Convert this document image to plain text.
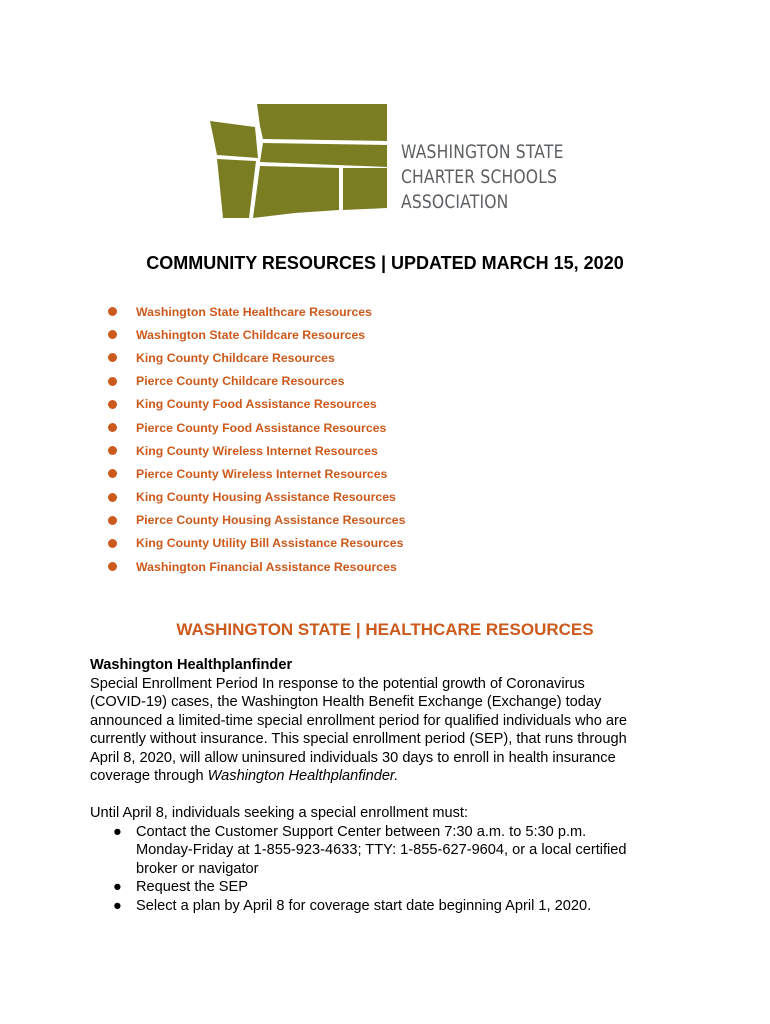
WASHINGTON STATE
CHARTER SCHOOLS
ASSOCIATION
COMMUNITY RESOURCES | UPDATED MARCH 15, 2020
Washington State Healthcare Resources
Washington State Childcare Resources
King County Childcare Resources
Pierce County Childcare Resources
King County Food Assistance Resources
Pierce County Food Assistance Resources
King County Wireless Internet Resources
Pierce County Wireless Internet Resources
King County Housing Assistance Resources
Pierce County Housing Assistance Resources
King County Utility Bill Assistance Resources
Washington Financial Assistance Resources
WASHINGTON STATE | HEALTHCARE RESOURCES
Washington Healthplanfinder
Special Enrollment Period In response to the potential growth of Coronavirus
(COVID-19) cases, the Washington Health Benefit Exchange (Exchange) today
announced a limited-time special enrollment period for qualified individuals who are
currently without insurance. This special enrollment period (SEP), that runs through
April 8, 2020, will allow uninsured individuals 30 days to enroll in health insurance
coverage through Washington Healthplanfinder.
Until April 8, individuals seeking a special enrollment must:
● Contact the Customer Support Center between 7:30 a.m. to 5:30 p.m.
Monday-Friday at 1-855-923-4633; TTY: 1-855-627-9604, or a local certified
broker or navigator
● Request the SEP
● Select a plan by April 8 for coverage start date beginning April 1, 2020.
